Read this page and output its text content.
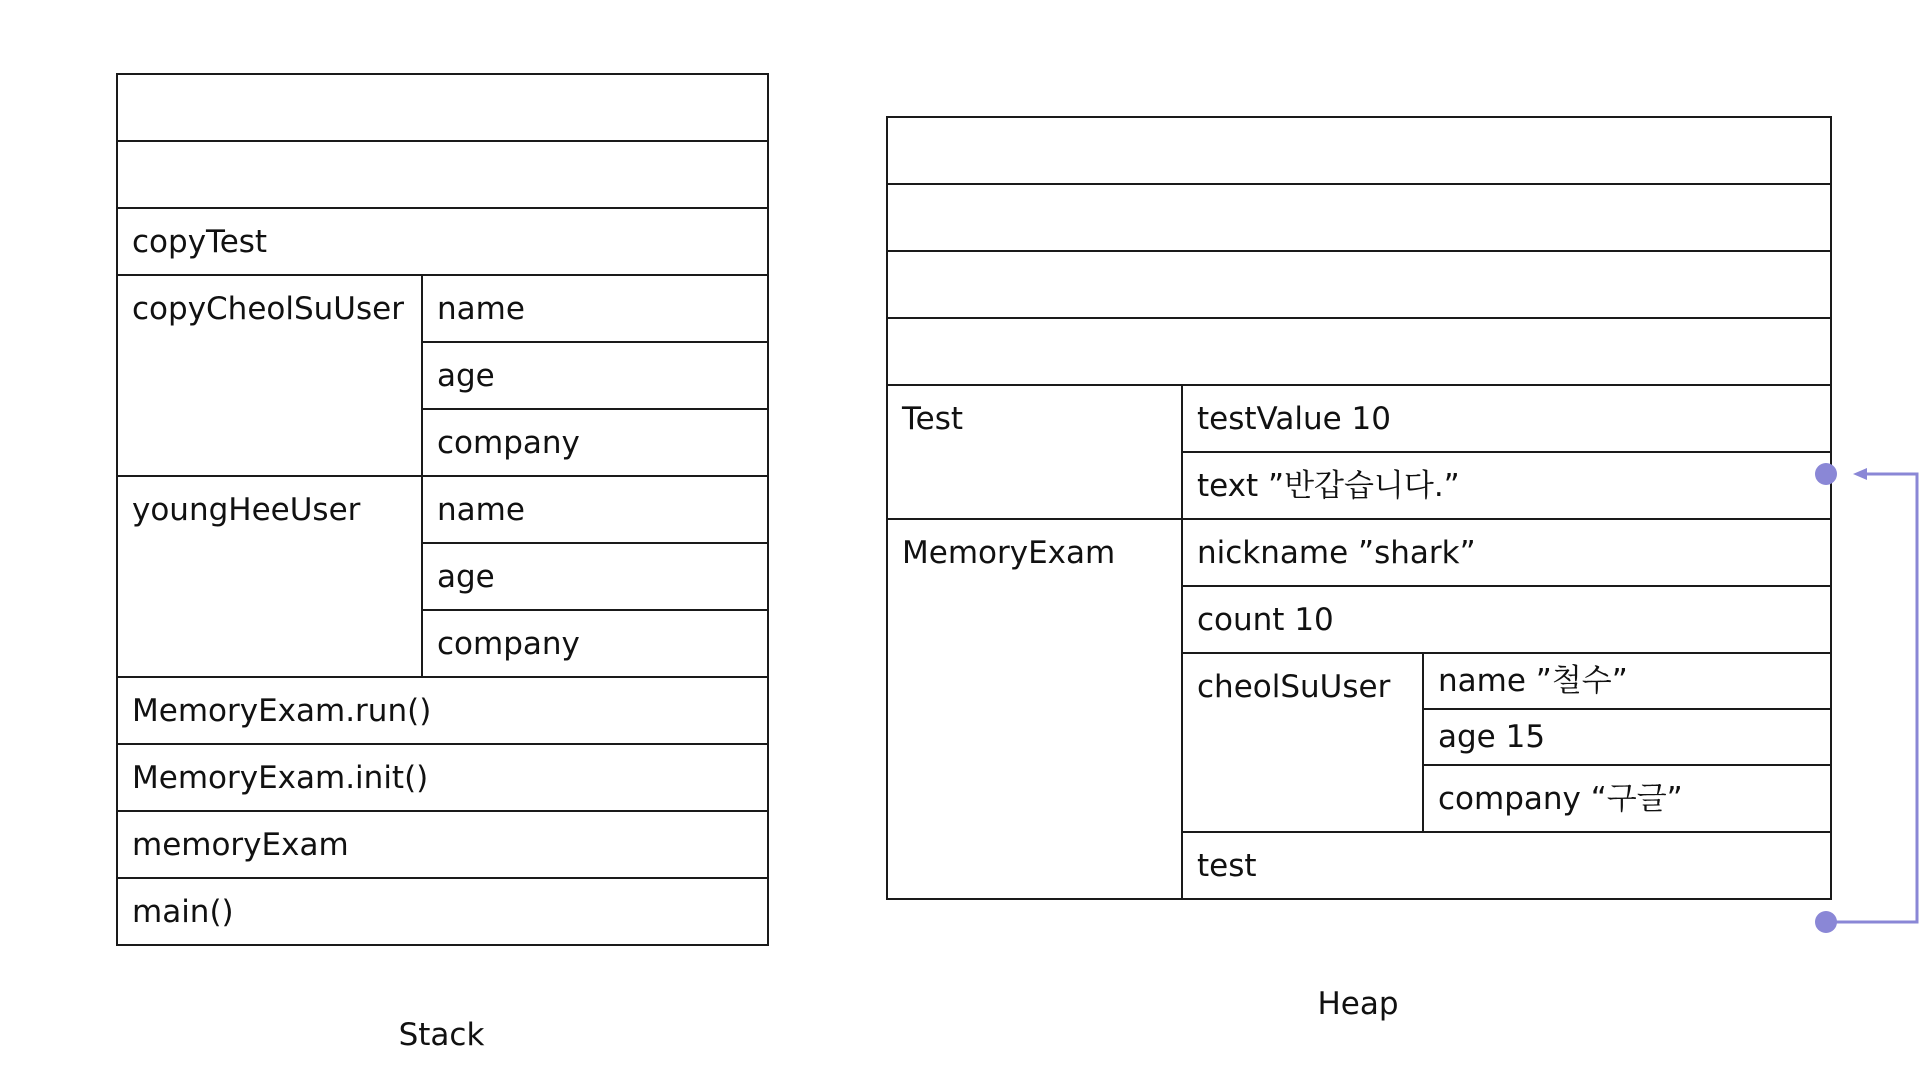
copyTest	

copyCheolSuUser	name

	age

	company

youngHeeUser	name

	age

	company

MemoryExam.run()	

MemoryExam.init()	

memoryExam	

main()	
Stack

Test	testValue 10	

	text ”반갑습니다.”	

MemoryExam	nickname ”shark”	

	count 10	

	cheolSuUser	name ”철수”

		age 15

		company “구글”

	test	
Heap
